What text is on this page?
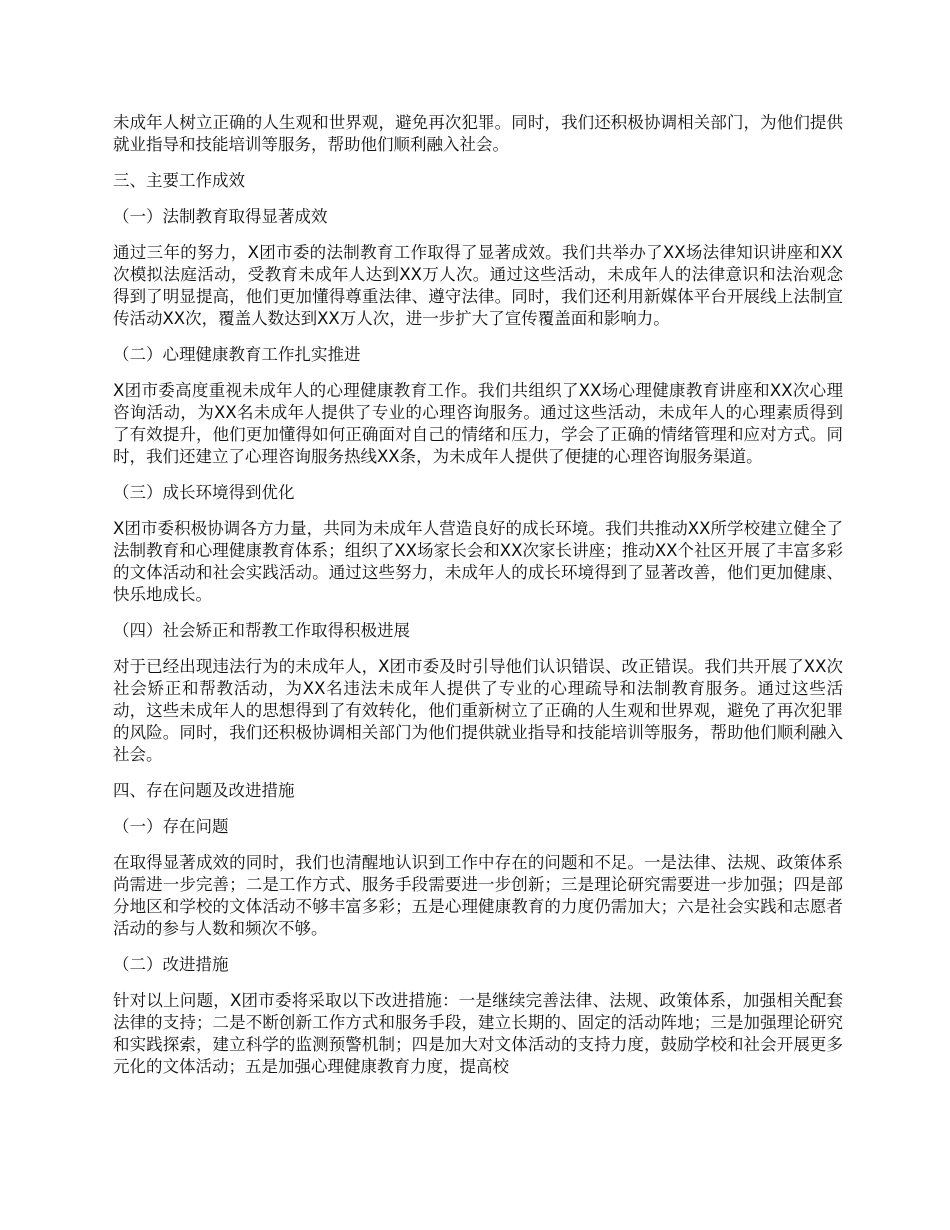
未成年人树立正确的人生观和世界观，避免再次犯罪。同时，我们还积极协调相关部门，为他们提供就业指导和技能培训等服务，帮助他们顺利融入社会。

三、主要工作成效

（一）法制教育取得显著成效

通过三年的努力，X团市委的法制教育工作取得了显著成效。我们共举办了XX场法律知识讲座和XX次模拟法庭活动，受教育未成年人达到XX万人次。通过这些活动，未成年人的法律意识和法治观念得到了明显提高，他们更加懂得尊重法律、遵守法律。同时，我们还利用新媒体平台开展线上法制宣传活动XX次，覆盖人数达到XX万人次，进一步扩大了宣传覆盖面和影响力。

（二）心理健康教育工作扎实推进

X团市委高度重视未成年人的心理健康教育工作。我们共组织了XX场心理健康教育讲座和XX次心理咨询活动，为XX名未成年人提供了专业的心理咨询服务。通过这些活动，未成年人的心理素质得到了有效提升，他们更加懂得如何正确面对自己的情绪和压力，学会了正确的情绪管理和应对方式。同时，我们还建立了心理咨询服务热线XX条，为未成年人提供了便捷的心理咨询服务渠道。

（三）成长环境得到优化

X团市委积极协调各方力量，共同为未成年人营造良好的成长环境。我们共推动XX所学校建立健全了法制教育和心理健康教育体系；组织了XX场家长会和XX次家长讲座；推动XX个社区开展了丰富多彩的文体活动和社会实践活动。通过这些努力，未成年人的成长环境得到了显著改善，他们更加健康、快乐地成长。

（四）社会矫正和帮教工作取得积极进展

对于已经出现违法行为的未成年人，X团市委及时引导他们认识错误、改正错误。我们共开展了XX次社会矫正和帮教活动，为XX名违法未成年人提供了专业的心理疏导和法制教育服务。通过这些活动，这些未成年人的思想得到了有效转化，他们重新树立了正确的人生观和世界观，避免了再次犯罪的风险。同时，我们还积极协调相关部门为他们提供就业指导和技能培训等服务，帮助他们顺利融入社会。

四、存在问题及改进措施

（一）存在问题

在取得显著成效的同时，我们也清醒地认识到工作中存在的问题和不足。一是法律、法规、政策体系尚需进一步完善；二是工作方式、服务手段需要进一步创新；三是理论研究需要进一步加强；四是部分地区和学校的文体活动不够丰富多彩；五是心理健康教育的力度仍需加大；六是社会实践和志愿者活动的参与人数和频次不够。

（二）改进措施

针对以上问题，X团市委将采取以下改进措施：一是继续完善法律、法规、政策体系，加强相关配套法律的支持；二是不断创新工作方式和服务手段，建立长期的、固定的活动阵地；三是加强理论研究和实践探索，建立科学的监测预警机制；四是加大对文体活动的支持力度，鼓励学校和社会开展更多元化的文体活动；五是加强心理健康教育力度，提高校
